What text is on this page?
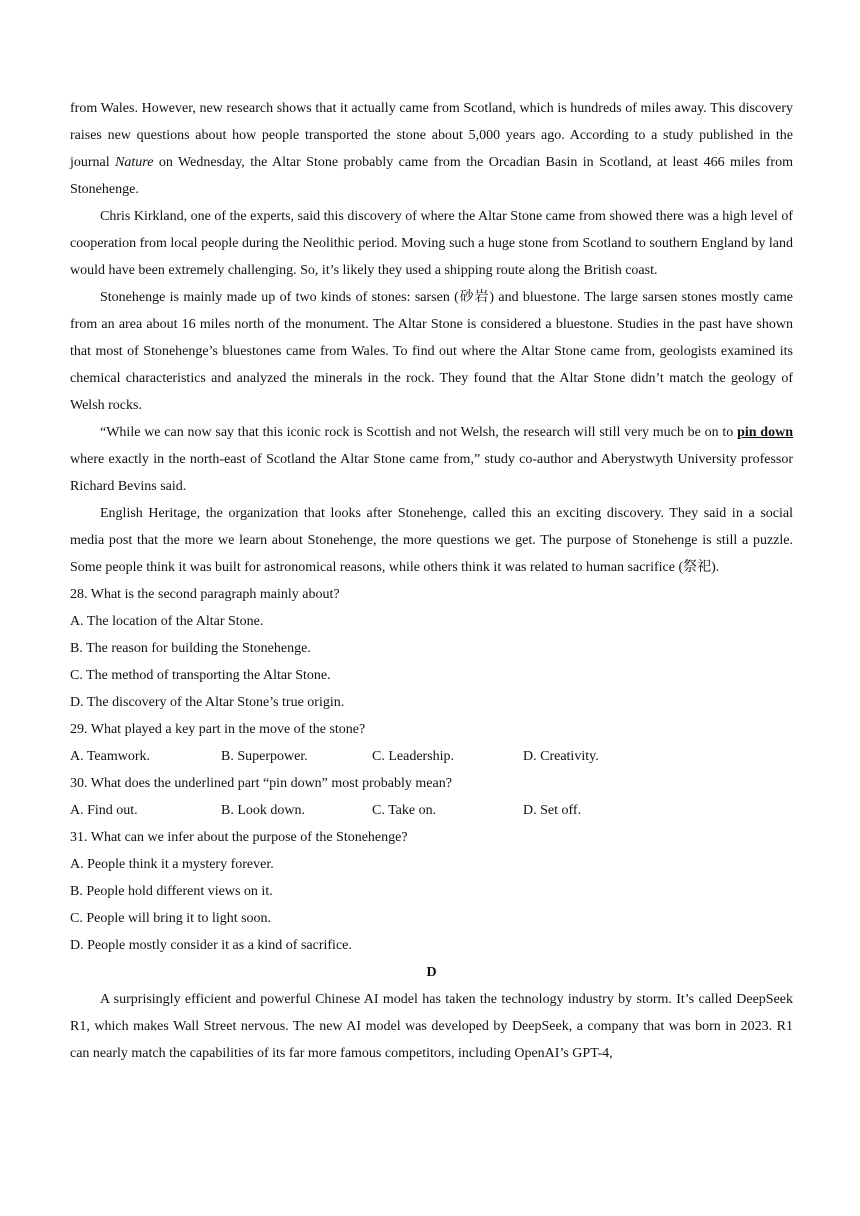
from Wales. However, new research shows that it actually came from Scotland, which is hundreds of miles away. This discovery raises new questions about how people transported the stone about 5,000 years ago. According to a study published in the journal Nature on Wednesday, the Altar Stone probably came from the Orcadian Basin in Scotland, at least 466 miles from Stonehenge.

Chris Kirkland, one of the experts, said this discovery of where the Altar Stone came from showed there was a high level of cooperation from local people during the Neolithic period. Moving such a huge stone from Scotland to southern England by land would have been extremely challenging. So, it’s likely they used a shipping route along the British coast.

Stonehenge is mainly made up of two kinds of stones: sarsen (砂岩) and bluestone. The large sarsen stones mostly came from an area about 16 miles north of the monument. The Altar Stone is considered a bluestone. Studies in the past have shown that most of Stonehenge’s bluestones came from Wales. To find out where the Altar Stone came from, geologists examined its chemical characteristics and analyzed the minerals in the rock. They found that the Altar Stone didn’t match the geology of Welsh rocks.

“While we can now say that this iconic rock is Scottish and not Welsh, the research will still very much be on to pin down where exactly in the north-east of Scotland the Altar Stone came from,” study co-author and Aberystwyth University professor Richard Bevins said.

English Heritage, the organization that looks after Stonehenge, called this an exciting discovery. They said in a social media post that the more we learn about Stonehenge, the more questions we get. The purpose of Stonehenge is still a puzzle. Some people think it was built for astronomical reasons, while others think it was related to human sacrifice (祭祀).

28. What is the second paragraph mainly about?
A. The location of the Altar Stone.
B. The reason for building the Stonehenge.
C. The method of transporting the Altar Stone.
D. The discovery of the Altar Stone’s true origin.
29. What played a key part in the move of the stone?
A. Teamwork.	B. Superpower.	C. Leadership.	D. Creativity.
30. What does the underlined part “pin down” most probably mean?
A. Find out.	B. Look down.	C. Take on.	D. Set off.
31. What can we infer about the purpose of the Stonehenge?
A. People think it a mystery forever.
B. People hold different views on it.
C. People will bring it to light soon.
D. People mostly consider it as a kind of sacrifice.
D

A surprisingly efficient and powerful Chinese AI model has taken the technology industry by storm. It’s called DeepSeek R1, which makes Wall Street nervous. The new AI model was developed by DeepSeek, a company that was born in 2023. R1 can nearly match the capabilities of its far more famous competitors, including OpenAI’s GPT-4,
